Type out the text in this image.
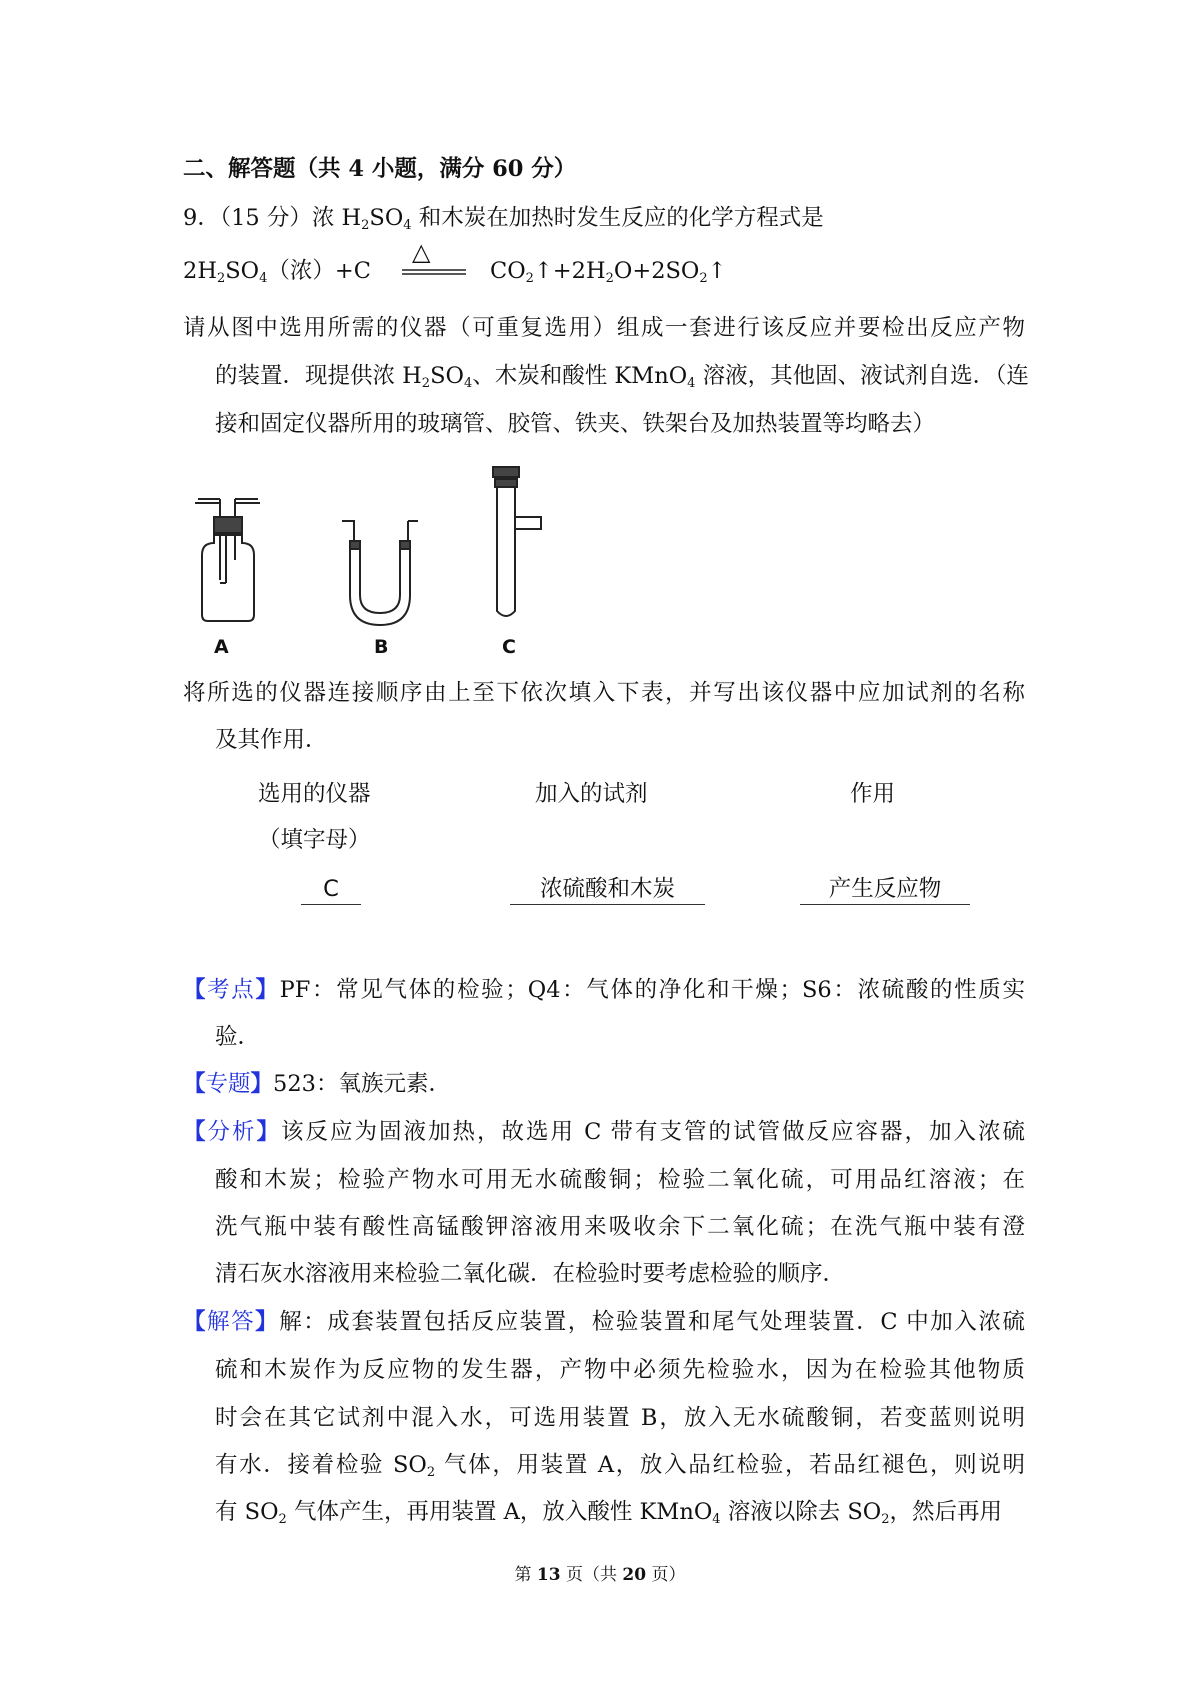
二、解答题（共 4 小题，满分 60 分）
9．（15 分）浓 $H_2SO_4$ 和木炭在加热时发生反应的化学方程式是
$2H_2SO_4$（浓）+C
△
$CO_2↑+2H_2O+2SO_2↑$
请从图中选用所需的仪器（可重复选用）组成一套进行该反应并要检出反应产物
的装置．现提供浓 $H_2SO_4$、木炭和酸性 KMnO$_4$ 溶液，其他固、液试剂自选．（连
接和固定仪器所用的玻璃管、胶管、铁夹、铁架台及加热装置等均略去）
A	B	C
将所选的仪器连接顺序由上至下依次填入下表，并写出该仪器中应加试剂的名称
及其作用．
选用的仪器	加入的试剂	作用
（填字母）
C	浓硫酸和木炭	产生反应物
【考点】PF：常见气体的检验；Q4：气体的净化和干燥；S6：浓硫酸的性质实
验．
【专题】523：氧族元素．
【分析】该反应为固液加热，故选用 C 带有支管的试管做反应容器，加入浓硫
酸和木炭；检验产物水可用无水硫酸铜；检验二氧化硫，可用品红溶液；在
洗气瓶中装有酸性高锰酸钾溶液用来吸收余下二氧化硫；在洗气瓶中装有澄
清石灰水溶液用来检验二氧化碳．在检验时要考虑检验的顺序．
【解答】解：成套装置包括反应装置，检验装置和尾气处理装置．C 中加入浓硫
硫和木炭作为反应物的发生器，产物中必须先检验水，因为在检验其他物质
时会在其它试剂中混入水，可选用装置 B，放入无水硫酸铜，若变蓝则说明
有水．接着检验 $SO_2$ 气体，用装置 A，放入品红检验，若品红褪色，则说明
有 $SO_2$ 气体产生，再用装置 A，放入酸性 KMnO$_4$ 溶液以除去 $SO_2$，然后再用
第 13 页（共 20 页）
